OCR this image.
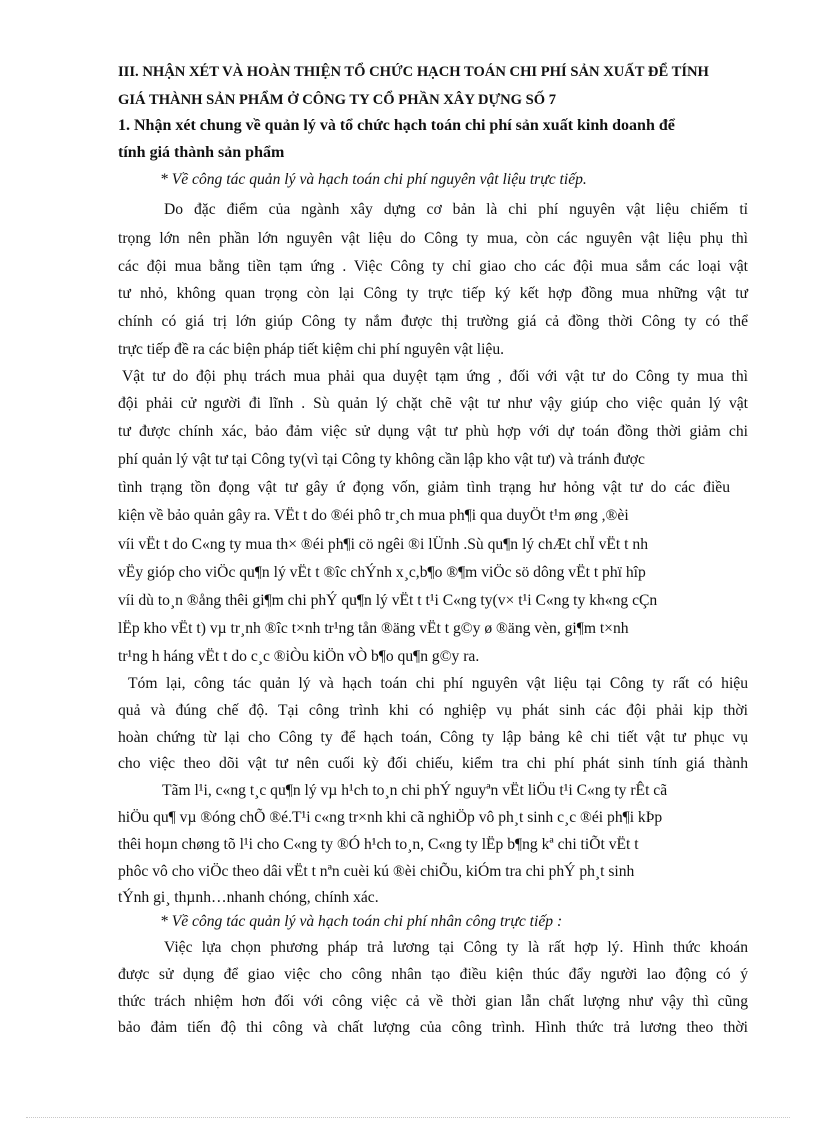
III. NHẬN XÉT VÀ HOÀN THIỆN TỔ CHỨC HẠCH TOÁN CHI PHÍ SẢN XUẤT ĐỂ TÍNH
GIÁ THÀNH SẢN PHẨM Ở CÔNG TY CỔ PHẦN XÂY DỰNG SỐ 7
1. Nhận xét chung về quản lý và tổ chức hạch toán chi phí sản xuất kinh doanh để
tính giá thành sản phẩm
* Về công tác quản lý và hạch toán chi phí nguyên vật liệu trực tiếp.
Do đặc điểm của ngành xây dựng cơ bản là chi phí nguyên vật liệu chiếm tỉ
trọng lớn nên phần lớn nguyên vật liệu do Công ty mua, còn các nguyên vật liệu phụ thì
các đội mua bằng tiền tạm ứng . Việc Công ty chỉ giao cho các đội mua sắm các loại vật
tư nhỏ, không quan trọng còn lại Công ty trực tiếp ký kết hợp đồng mua những vật tư
chính có giá trị lớn giúp Công ty nắm được thị trường giá cả đồng thời Công ty có thể
trực tiếp đề ra các biện pháp tiết kiệm chi phí nguyên vật liệu.
Vật tư do đội phụ trách mua phải qua duyệt tạm ứng , đối với vật tư do Công ty mua thì
đội phải cử người đi lĩnh . Sù quản lý chặt chẽ vật tư như vậy giúp cho việc quản lý vật
tư được chính xác, bảo đảm việc sử dụng vật tư phù hợp với dự toán đồng thời giảm chi
phí quản lý vật tư tại Công ty(vì tại Công ty không cần lập kho vật tư) và tránh được
tình trạng tồn đọng vật tư gây ứ đọng vốn, giảm tình trạng hư hỏng vật tư do các điều
kiện về bảo quản gây ra. VËt t do ®éi phô tr¸ch mua ph¶i qua duyÖt t¹m øng ,®èi
víi vËt t do C«ng ty mua th× ®éi ph¶i cö ngêi ®i lÜnh .Sù qu¶n lý chÆt chÏ vËt t nh
vËy gióp cho viÖc qu¶n lý vËt t ®îc chÝnh x¸c,b¶o ®¶m viÖc sö dông vËt t phï hîp
víi dù to¸n ®ång thêi gi¶m chi phÝ qu¶n lý vËt t t¹i C«ng ty(v× t¹i C«ng ty kh«ng cÇn
lËp kho vËt t) vµ tr¸nh ®îc t×nh tr¹ng tån ®äng vËt t g©y ø ®äng vèn, gi¶m t×nh
tr¹ng h háng vËt t do c¸c ®iÒu kiÖn vÒ b¶o qu¶n g©y ra.
Tóm lại, công tác quản lý và hạch toán chi phí nguyên vật liệu tại Công ty rất có hiệu
quả và đúng chế độ. Tại công trình khi có nghiệp vụ phát sinh các đội phải kịp thời
hoàn chứng từ lại cho Công ty để hạch toán, Công ty lập bảng kê chi tiết vật tư phục vụ
cho việc theo dõi vật tư nên cuối kỳ đối chiếu, kiểm tra chi phí phát sinh tính giá thành
Tãm l¹i, c«ng t¸c qu¶n lý vµ h¹ch to¸n chi phÝ nguyªn vËt liÖu t¹i C«ng ty rÊt cã
hiÖu qu¶ vµ ®óng chÕ ®é.T¹i c«ng tr×nh khi cã nghiÖp vô ph¸t sinh c¸c ®éi ph¶i kÞp
thêi hoµn chøng tõ l¹i cho C«ng ty ®Ó h¹ch to¸n, C«ng ty lËp b¶ng kª chi tiÕt vËt t
phôc vô cho viÖc theo dâi vËt t nªn cuèi kú ®èi chiÕu, kiÓm tra chi phÝ ph¸t sinh
tÝnh gi¸ thµnh…nhanh chóng, chính xác.
* Về công tác quản lý và hạch toán chi phí nhân công trực tiếp :
Việc lựa chọn phương pháp trả lương tại Công ty là rất hợp lý. Hình thức khoán
được sử dụng để giao việc cho công nhân tạo điều kiện thúc đẩy người lao động có ý
thức trách nhiệm hơn đối với công việc cả về thời gian lẫn chất lượng như vậy thì cũng
bảo đảm tiến độ thi công và chất lượng của công trình. Hình thức trả lương theo thời
